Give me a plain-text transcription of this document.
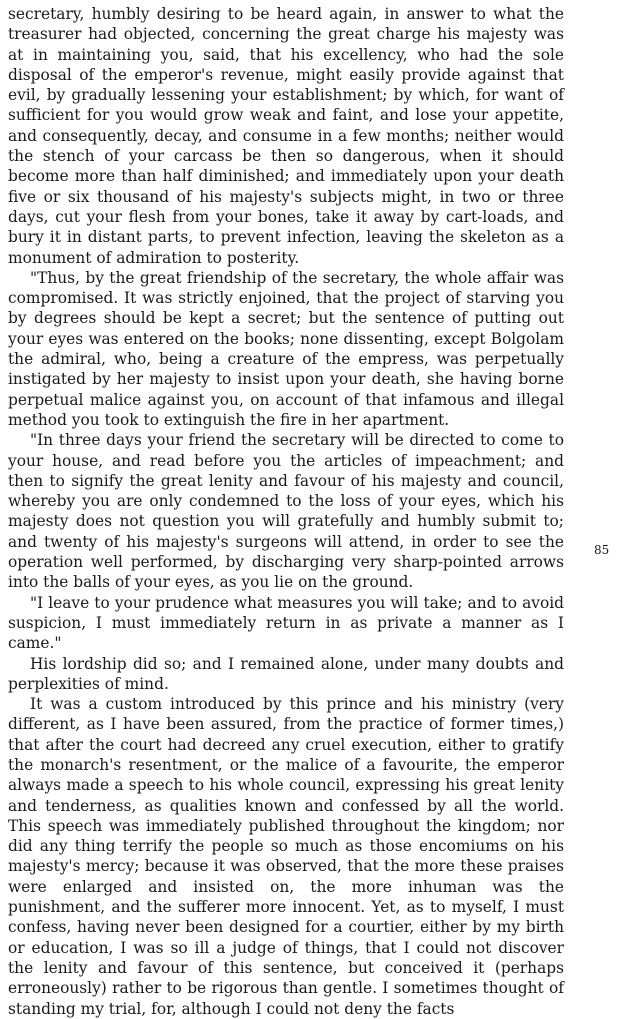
secretary, humbly desiring to be heard again, in answer to what the treasurer had objected, concerning the great charge his majesty was at in maintaining you, said, that his excellency, who had the sole disposal of the emperor's revenue, might easily provide against that evil, by gradually lessening your establishment; by which, for want of sufficient for you would grow weak and faint, and lose your appetite, and consequently, decay, and consume in a few months; neither would the stench of your carcass be then so dangerous, when it should become more than half diminished; and immediately upon your death five or six thousand of his majesty's subjects might, in two or three days, cut your flesh from your bones, take it away by cart-loads, and bury it in distant parts, to prevent infection, leaving the skeleton as a monument of admiration to posterity.

"Thus, by the great friendship of the secretary, the whole affair was compromised. It was strictly enjoined, that the project of starving you by degrees should be kept a secret; but the sentence of putting out your eyes was entered on the books; none dissenting, except Bolgolam the admiral, who, being a creature of the empress, was perpetually instigated by her majesty to insist upon your death, she having borne perpetual malice against you, on account of that infamous and illegal method you took to extinguish the fire in her apartment.

"In three days your friend the secretary will be directed to come to your house, and read before you the articles of impeachment; and then to signify the great lenity and favour of his majesty and council, whereby you are only condemned to the loss of your eyes, which his majesty does not question you will gratefully and humbly submit to; and twenty of his majesty's surgeons will attend, in order to see the operation well performed, by discharging very sharp-pointed arrows into the balls of your eyes, as you lie on the ground.

"I leave to your prudence what measures you will take; and to avoid suspicion, I must immediately return in as private a manner as I came."

His lordship did so; and I remained alone, under many doubts and perplexities of mind.

It was a custom introduced by this prince and his ministry (very different, as I have been assured, from the practice of former times,) that after the court had decreed any cruel execution, either to gratify the monarch's resentment, or the malice of a favourite, the emperor always made a speech to his whole council, expressing his great lenity and tenderness, as qualities known and confessed by all the world. This speech was immediately published throughout the kingdom; nor did any thing terrify the people so much as those encomiums on his majesty's mercy; because it was observed, that the more these praises were enlarged and insisted on, the more inhuman was the punishment, and the sufferer more innocent. Yet, as to myself, I must confess, having never been designed for a courtier, either by my birth or education, I was so ill a judge of things, that I could not discover the lenity and favour of this sentence, but conceived it (perhaps erroneously) rather to be rigorous than gentle. I sometimes thought of standing my trial, for, although I could not deny the facts

85
